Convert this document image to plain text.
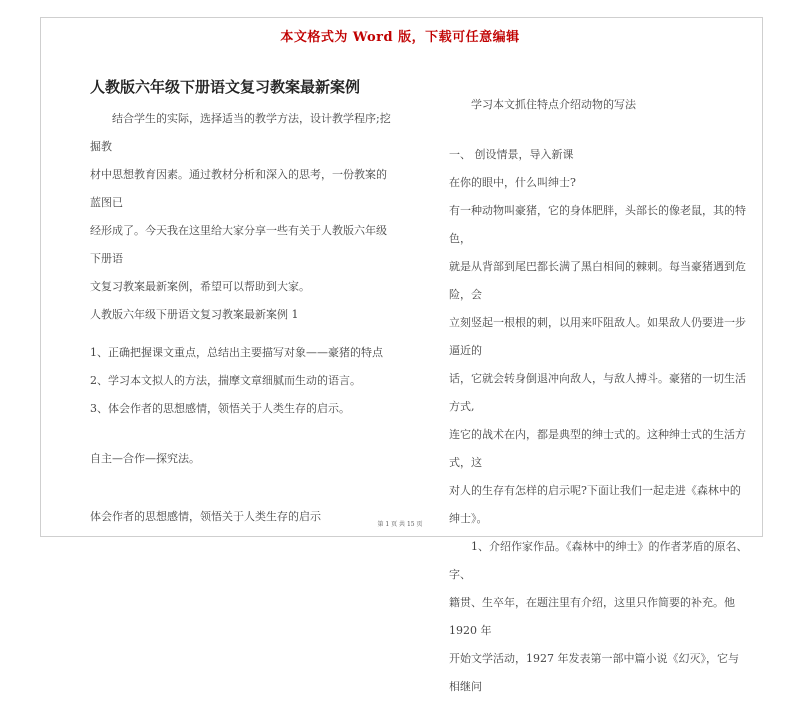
本文格式为 Word 版，下载可任意编辑
人教版六年级下册语文复习教案最新案例

结合学生的实际，选择适当的教学方法，设计教学程序;挖掘教

材中思想教育因素。通过教材分析和深入的思考，一份教案的蓝图已

经形成了。今天我在这里给大家分享一些有关于人教版六年级下册语

文复习教案最新案例，希望可以帮助到大家。

人教版六年级下册语文复习教案最新案例 1

1、正确把握课文重点，总结出主要描写对象——豪猪的特点

2、学习本文拟人的方法，揣摩文章细腻而生动的语言。

3、体会作者的思想感情，领悟关于人类生存的启示。

自主—合作—探究法。

体会作者的思想感情，领悟关于人类生存的启示

学习本文抓住特点介绍动物的写法

一、 创设情景，导入新课

在你的眼中，什么叫绅士?

有一种动物叫豪猪，它的身体肥胖，头部长的像老鼠，其的特色，

就是从背部到尾巴都长满了黑白相间的棘刺。每当豪猪遇到危险，会

立刻竖起一根根的刺，以用来吓阻敌人。如果敌人仍要进一步逼近的

话，它就会转身倒退冲向敌人，与敌人搏斗。豪猪的一切生活方式,

连它的战术在内，都是典型的绅士式的。这种绅士式的生活方式，这

对人的生存有怎样的启示呢?下面让我们一起走进《森林中的绅士》。

1、介绍作家作品。《森林中的绅士》的作者茅盾的原名、字、

籍贯、生卒年，在题注里有介绍，这里只作简要的补充。他 1920 年

开始文学活动，1927 年发表第一部中篇小说《幻灭》，它与相继问

第 1 页 共 15 页
